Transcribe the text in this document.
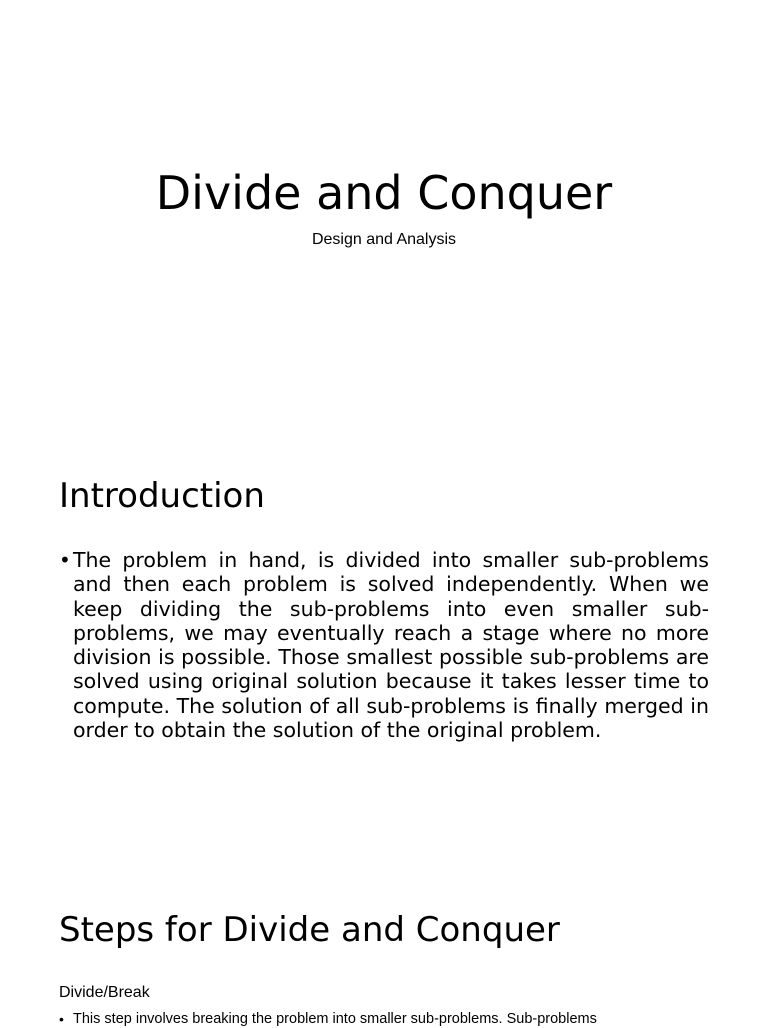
Divide and Conquer

Design and Analysis

Introduction
• The problem in hand, is divided into smaller sub-problems and then each problem is solved independently. When we keep dividing the sub-problems into even smaller sub-problems, we may eventually reach a stage where no more division is possible. Those smallest possible sub-problems are solved using original solution because it takes lesser time to compute. The solution of all sub-problems is finally merged in order to obtain the solution of the original problem.

Steps for Divide and Conquer

Divide/Break

• This step involves breaking the problem into smaller sub-problems. Sub-problems
